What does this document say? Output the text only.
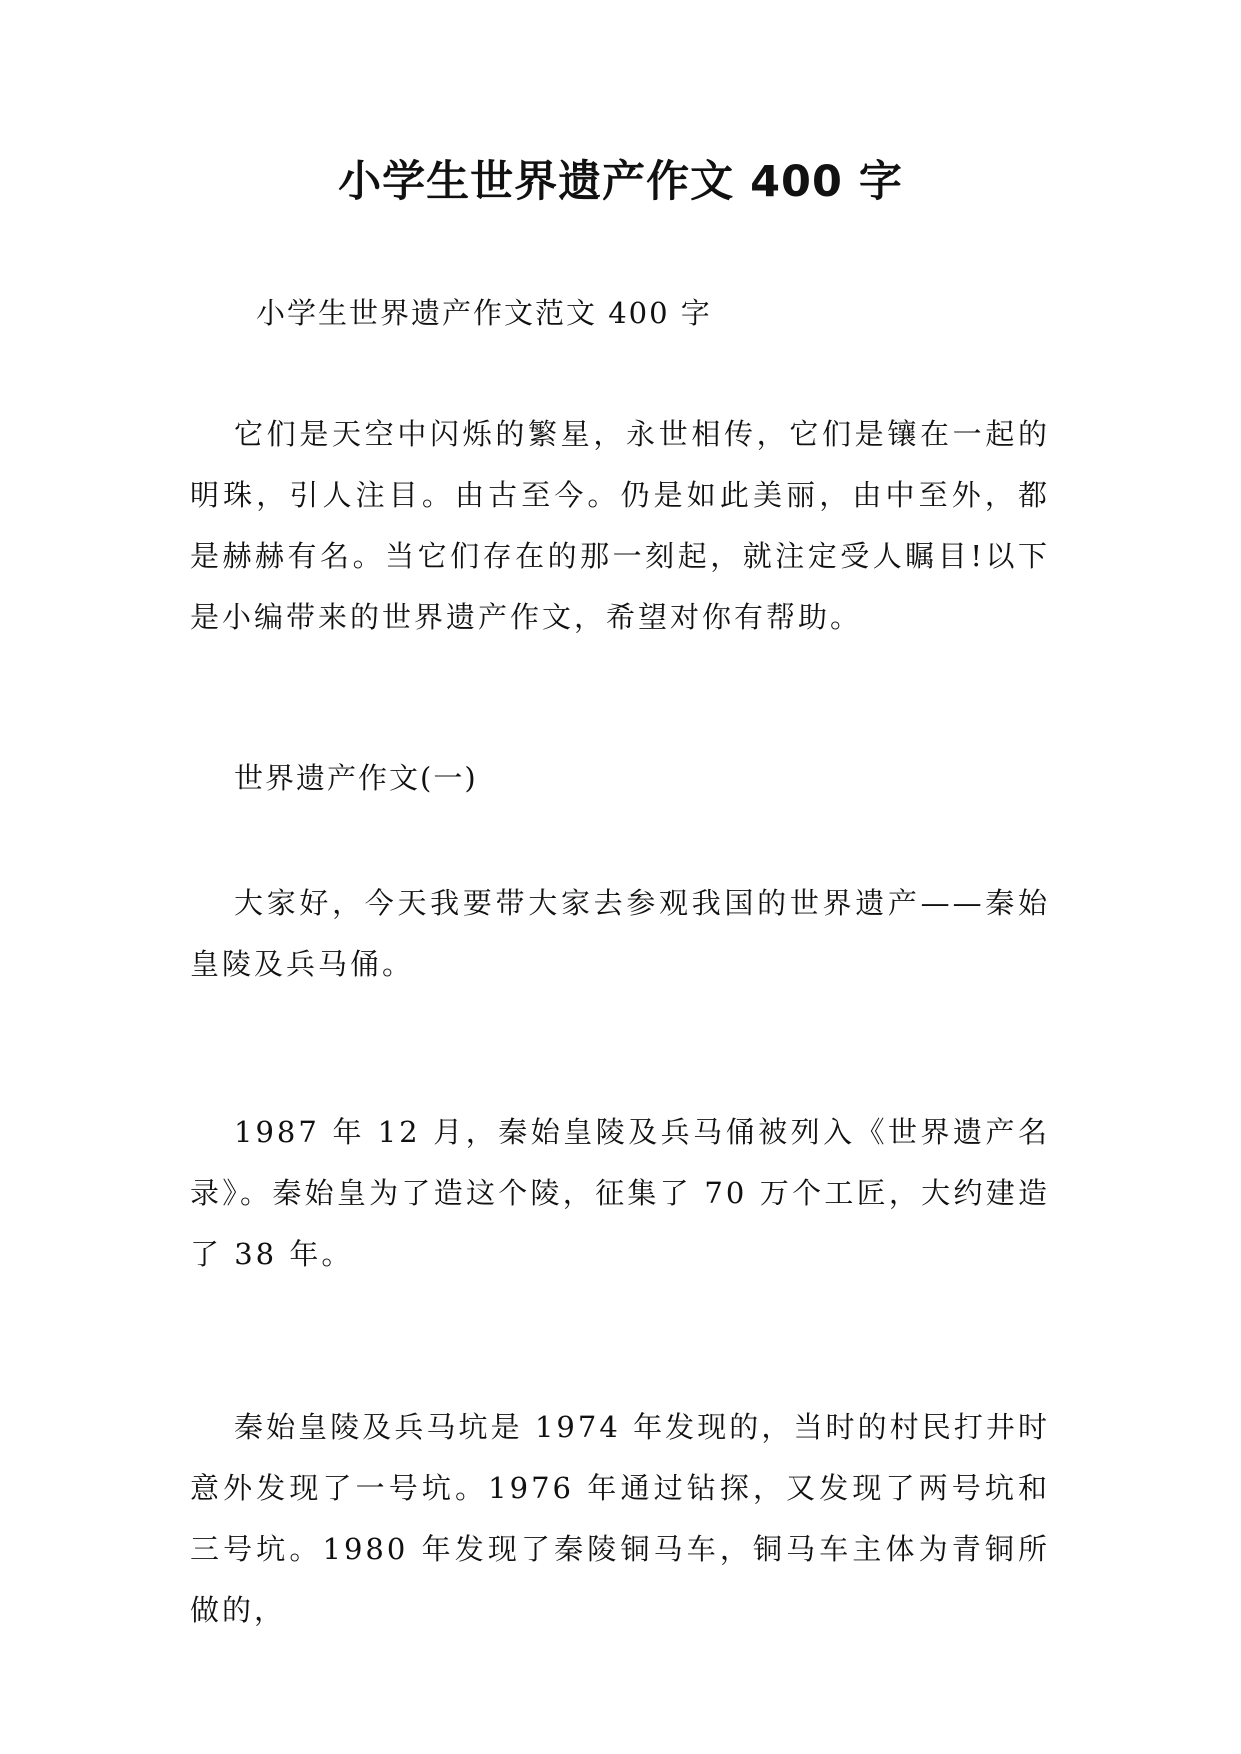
小学生世界遗产作文 400 字
小学生世界遗产作文范文 400 字
它们是天空中闪烁的繁星，永世相传，它们是镶在一起的明珠，引人注目。由古至今。仍是如此美丽，由中至外，都是赫赫有名。当它们存在的那一刻起，就注定受人瞩目!以下是小编带来的世界遗产作文，希望对你有帮助。
世界遗产作文(一)
大家好，今天我要带大家去参观我国的世界遗产——秦始皇陵及兵马俑。
1987 年 12 月，秦始皇陵及兵马俑被列入《世界遗产名录》。秦始皇为了造这个陵，征集了 70 万个工匠，大约建造了 38 年。
秦始皇陵及兵马坑是 1974 年发现的，当时的村民打井时意外发现了一号坑。1976 年通过钻探，又发现了两号坑和三号坑。1980 年发现了秦陵铜马车，铜马车主体为青铜所做的，
